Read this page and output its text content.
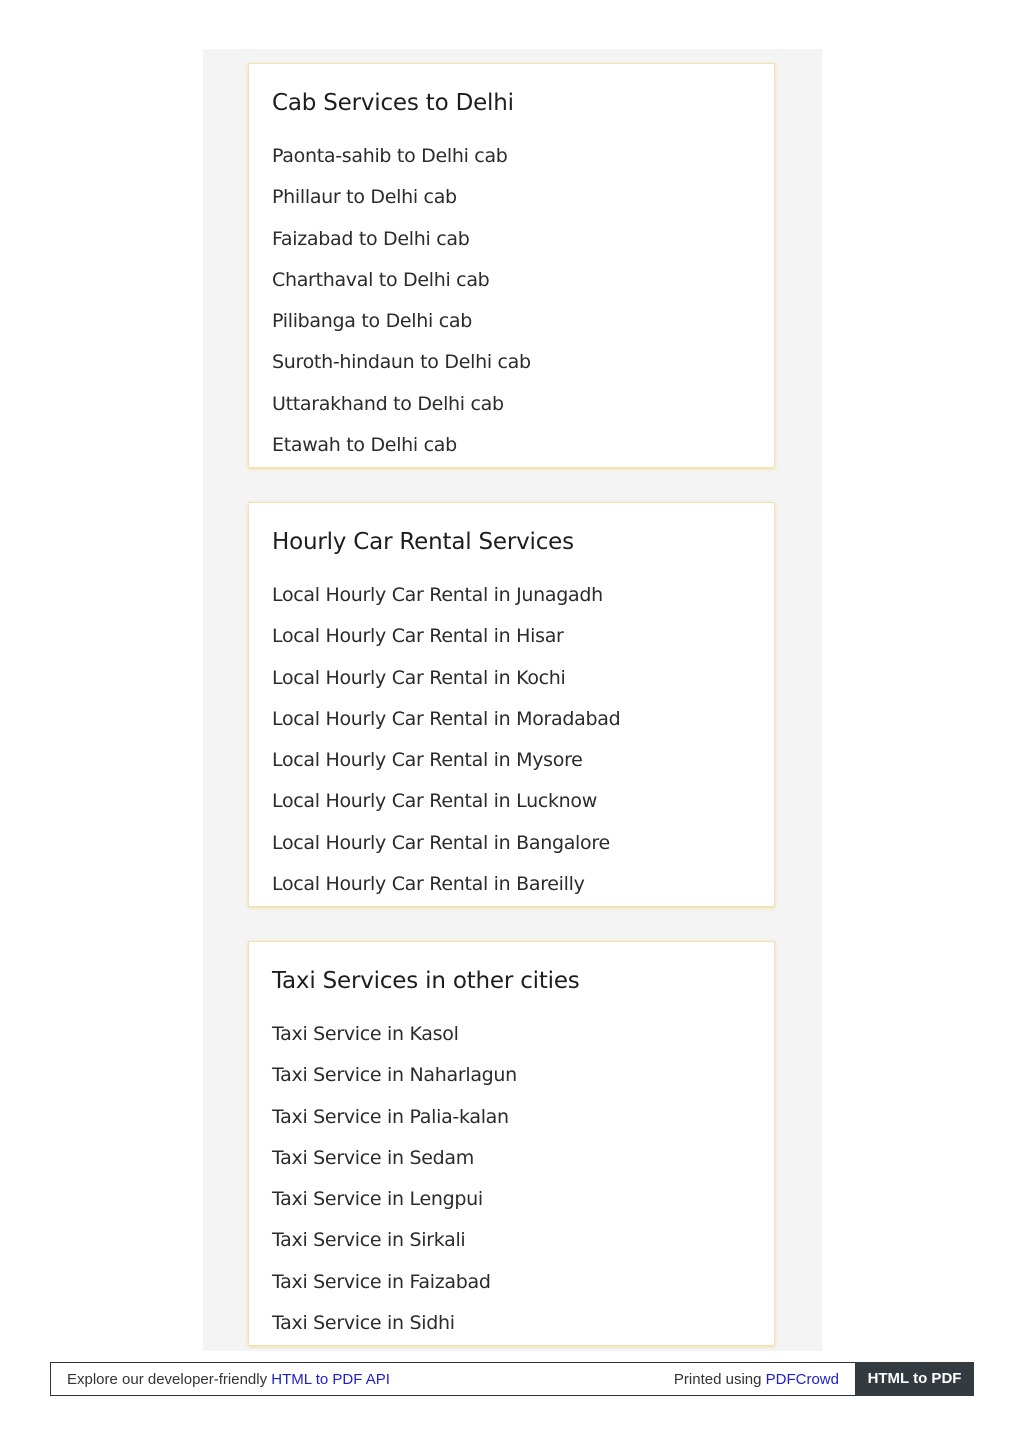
Cab Services to Delhi
Paonta-sahib to Delhi cab
Phillaur to Delhi cab
Faizabad to Delhi cab
Charthaval to Delhi cab
Pilibanga to Delhi cab
Suroth-hindaun to Delhi cab
Uttarakhand to Delhi cab
Etawah to Delhi cab
Hourly Car Rental Services
Local Hourly Car Rental in Junagadh
Local Hourly Car Rental in Hisar
Local Hourly Car Rental in Kochi
Local Hourly Car Rental in Moradabad
Local Hourly Car Rental in Mysore
Local Hourly Car Rental in Lucknow
Local Hourly Car Rental in Bangalore
Local Hourly Car Rental in Bareilly
Taxi Services in other cities
Taxi Service in Kasol
Taxi Service in Naharlagun
Taxi Service in Palia-kalan
Taxi Service in Sedam
Taxi Service in Lengpui
Taxi Service in Sirkali
Taxi Service in Faizabad
Taxi Service in Sidhi
Explore our developer-friendly HTML to PDF API	Printed using PDFCrowd	HTML to PDF
